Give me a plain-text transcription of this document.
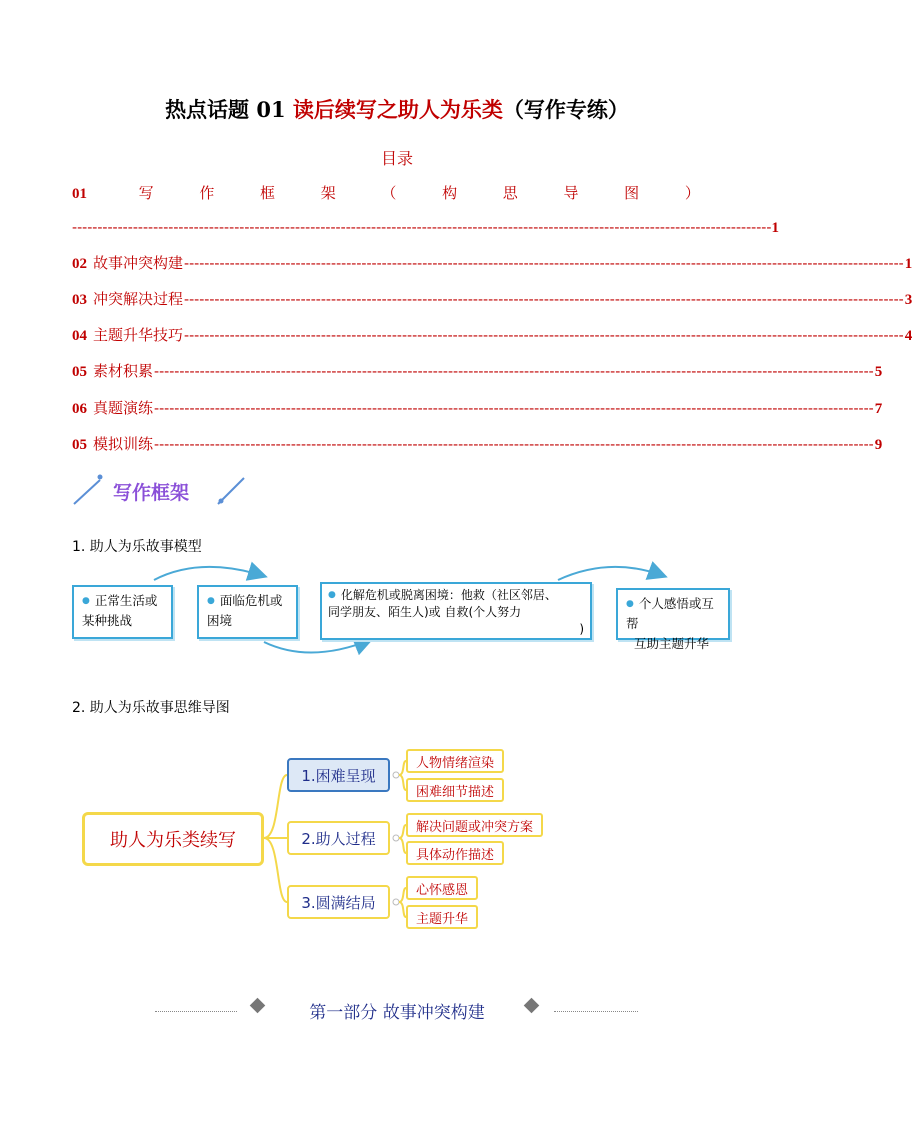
热点话题 01 读后续写之助人为乐类（写作专练）
目录
01	写	作	框	架	（	构	思	导	图	）
------------------------------------------------------------------------------------------------------------------------------------------ 1
02 故事冲突构建 ---------------------------------------------------------------------------------------------------------------------------------------------- 1
03 冲突解决过程 ---------------------------------------------------------------------------------------------------------------------------------------------- 3
04 主题升华技巧 ---------------------------------------------------------------------------------------------------------------------------------------------- 4
05 素材积累 ---------------------------------------------------------------------------------------------------------------------------------------------- 5
06 真题演练 ---------------------------------------------------------------------------------------------------------------------------------------------- 7
05 模拟训练 ---------------------------------------------------------------------------------------------------------------------------------------------- 9
写作框架
1. 助人为乐故事模型
● 正常生活或
某种挑战
● 面临危机或
困境
● 化解危机或脱离困境：他救（社区邻居、
同学朋友、陌生人)或 自救(个人努力

)
● 个人感悟或互帮
互助主题升华
2. 助人为乐故事思维导图
助人为乐类续写
1.困难呈现
2.助人过程
3.圆满结局
人物情绪渲染
困难细节描述
解决问题或冲突方案
具体动作描述
心怀感恩
主题升华
第一部分 故事冲突构建
